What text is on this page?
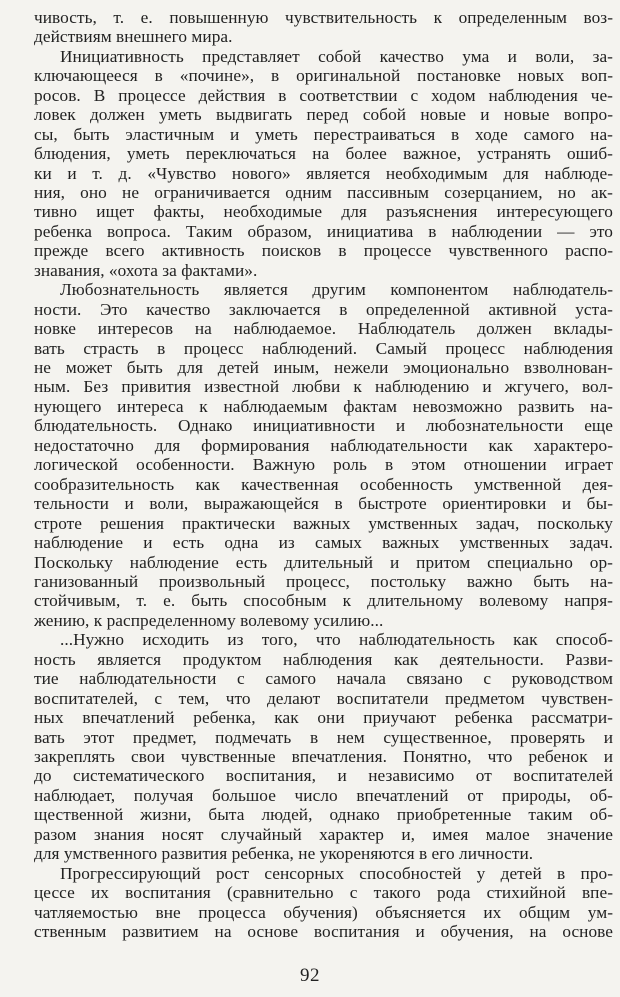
чивость, т. е. повышенную чувствительность к определенным воз-
действиям внешнего мира.
Инициативность представляет собой качество ума и воли, за-
ключающееся в «почине», в оригинальной постановке новых воп-
росов. В процессе действия в соответствии с ходом наблюдения че-
ловек должен уметь выдвигать перед собой новые и новые вопро-
сы, быть эластичным и уметь перестраиваться в ходе самого на-
блюдения, уметь переключаться на более важное, устранять ошиб-
ки и т. д. «Чувство нового» является необходимым для наблюде-
ния, оно не ограничивается одним пассивным созерцанием, но ак-
тивно ищет факты, необходимые для разъяснения интересующего
ребенка вопроса. Таким образом, инициатива в наблюдении — это
прежде всего активность поисков в процессе чувственного распо-
знавания, «охота за фактами».
Любознательность является другим компонентом наблюдатель-
ности. Это качество заключается в определенной активной уста-
новке интересов на наблюдаемое. Наблюдатель должен вклады-
вать страсть в процесс наблюдений. Самый процесс наблюдения
не может быть для детей иным, нежели эмоционально взволнован-
ным. Без привития известной любви к наблюдению и жгучего, вол-
нующего интереса к наблюдаемым фактам невозможно развить на-
блюдательность. Однако инициативности и любознательности еще
недостаточно для формирования наблюдательности как характеро-
логической особенности. Важную роль в этом отношении играет
сообразительность как качественная особенность умственной дея-
тельности и воли, выражающейся в быстроте ориентировки и бы-
строте решения практически важных умственных задач, поскольку
наблюдение и есть одна из самых важных умственных задач.
Поскольку наблюдение есть длительный и притом специально ор-
ганизованный произвольный процесс, постольку важно быть на-
стойчивым, т. е. быть способным к длительному волевому напря-
жению, к распределенному волевому усилию...
...Нужно исходить из того, что наблюдательность как способ-
ность является продуктом наблюдения как деятельности. Разви-
тие наблюдательности с самого начала связано с руководством
воспитателей, с тем, что делают воспитатели предметом чувствен-
ных впечатлений ребенка, как они приучают ребенка рассматри-
вать этот предмет, подмечать в нем существенное, проверять и
закреплять свои чувственные впечатления. Понятно, что ребенок и
до систематического воспитания, и независимо от воспитателей
наблюдает, получая большое число впечатлений от природы, об-
щественной жизни, быта людей, однако приобретенные таким об-
разом знания носят случайный характер и, имея малое значение
для умственного развития ребенка, не укореняются в его личности.
Прогрессирующий рост сенсорных способностей у детей в про-
цессе их воспитания (сравнительно с такого рода стихийной впе-
чатляемостью вне процесса обучения) объясняется их общим ум-
ственным развитием на основе воспитания и обучения, на основе
92
